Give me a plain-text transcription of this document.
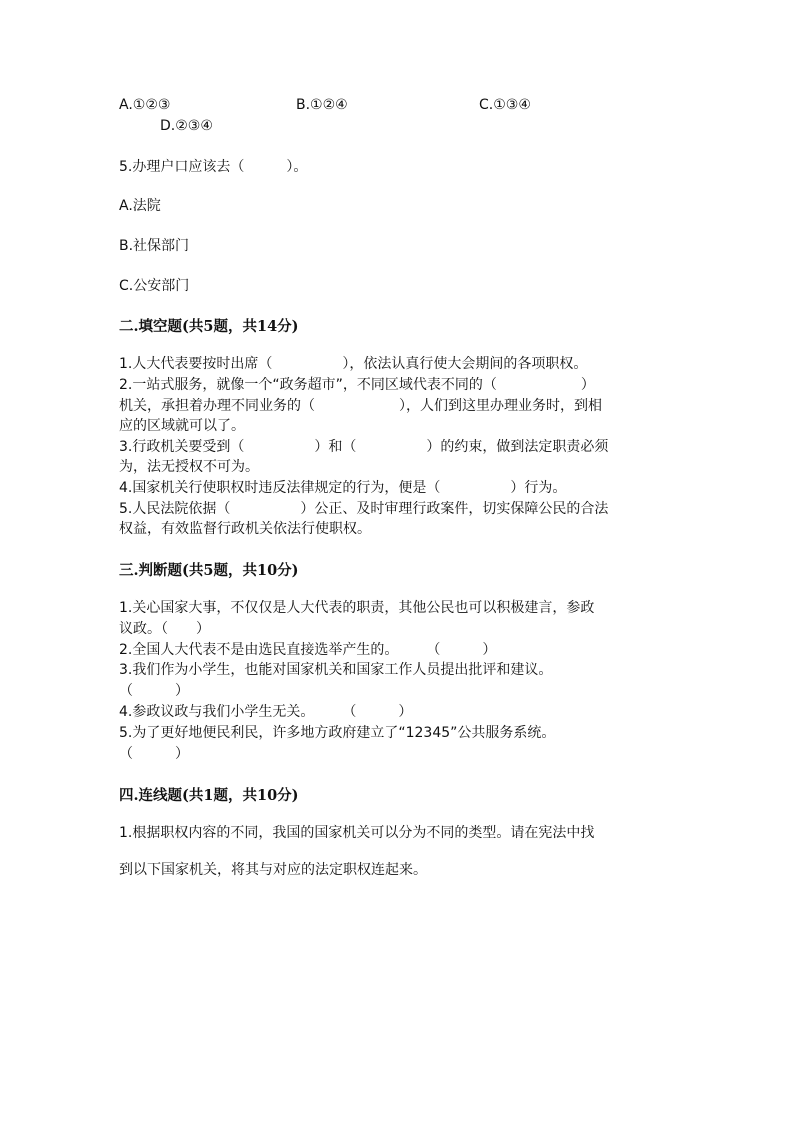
A.①②③	B.①②④	C.①③④
D.②③④
5.办理户口应该去（　　　）。
A.法院
B.社保部门
C.公安部门
二.填空题(共5题，共14分)
1.人大代表要按时出席（　　　　　），依法认真行使大会期间的各项职权。
2.一站式服务，就像一个“政务超市”，不同区域代表不同的（　　　　　　）
机关，承担着办理不同业务的（　　　　　　），人们到这里办理业务时，到相
应的区域就可以了。
3.行政机关要受到（　　　　　）和（　　　　　）的约束，做到法定职责必须
为，法无授权不可为。
4.国家机关行使职权时违反法律规定的行为，便是（　　　　　）行为。
5.人民法院依据（　　　　　）公正、及时审理行政案件，切实保障公民的合法
权益，有效监督行政机关依法行使职权。
三.判断题(共5题，共10分)
1.关心国家大事，不仅仅是人大代表的职责，其他公民也可以积极建言，参政
议政。（　　）
2.全国人大代表不是由选民直接选举产生的。　　　（　　　）
3.我们作为小学生，也能对国家机关和国家工作人员提出批评和建议。
（　　　）
4.参政议政与我们小学生无关。　　　（　　　）
5.为了更好地便民利民，许多地方政府建立了“12345”公共服务系统。
（　　　）
四.连线题(共1题，共10分)
1.根据职权内容的不同，我国的国家机关可以分为不同的类型。请在宪法中找
到以下国家机关，将其与对应的法定职权连起来。
